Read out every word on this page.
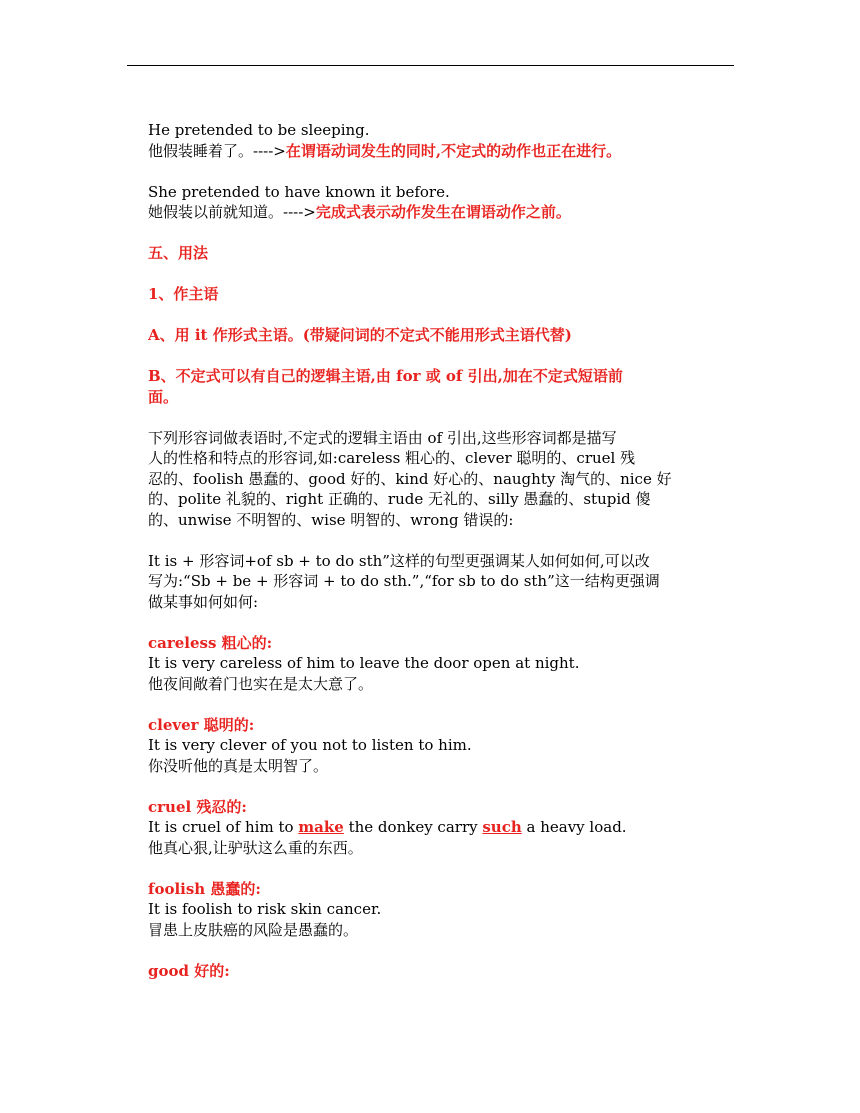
He pretended to be sleeping.
他假装睡着了。---->在谓语动词发生的同时,不定式的动作也正在进行。
She pretended to have known it before.
她假装以前就知道。---->完成式表示动作发生在谓语动作之前。
五、用法
1、作主语
A、用 it 作形式主语。(带疑问词的不定式不能用形式主语代替)
B、不定式可以有自己的逻辑主语,由 for 或 of 引出,加在不定式短语前
面。
下列形容词做表语时,不定式的逻辑主语由 of 引出,这些形容词都是描写
人的性格和特点的形容词,如:careless 粗心的、clever 聪明的、cruel 残
忍的、foolish 愚蠢的、good 好的、kind 好心的、naughty 淘气的、nice 好
的、polite 礼貌的、right 正确的、rude 无礼的、silly 愚蠢的、stupid 傻
的、unwise 不明智的、wise 明智的、wrong 错误的:
It is + 形容词+of sb + to do sth”这样的句型更强调某人如何如何,可以改
写为:“Sb + be + 形容词 + to do sth.”,“for sb to do sth”这一结构更强调
做某事如何如何:
careless 粗心的:
It is very careless of him to leave the door open at night.
他夜间敞着门也实在是太大意了。
clever 聪明的:
It is very clever of you not to listen to him.
你没听他的真是太明智了。
cruel 残忍的:
It is cruel of him to make the donkey carry such a heavy load.
他真心狠,让驴驮这么重的东西。
foolish 愚蠢的:
It is foolish to risk skin cancer.
冒患上皮肤癌的风险是愚蠢的。
good 好的:
